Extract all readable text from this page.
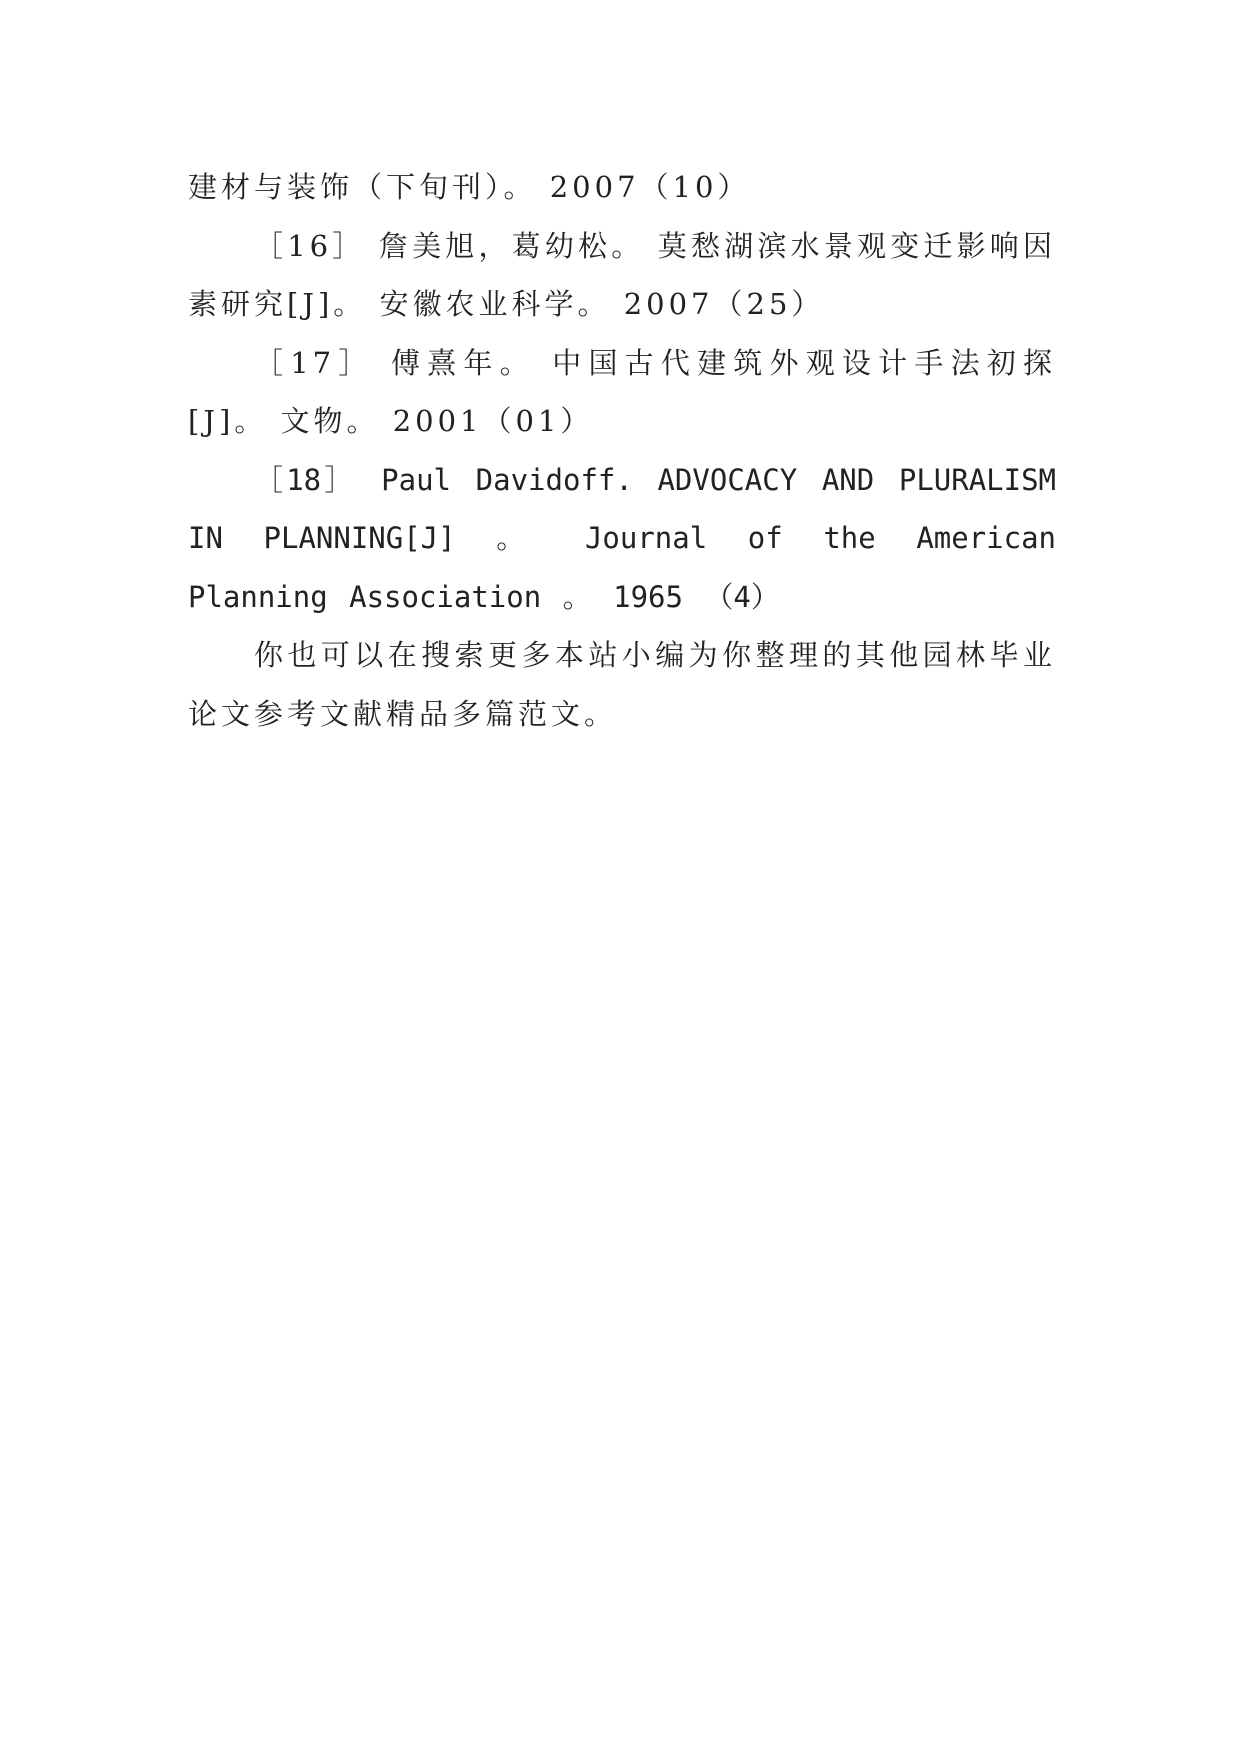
建材与装饰（下旬刊）。 2007（10）

［16］ 詹美旭，葛幼松。 莫愁湖滨水景观变迁影响因素研究[J]。 安徽农业科学。 2007（25）

［17］ 傅熹年。 中国古代建筑外观设计手法初探[J]。 文物。 2001（01）

［18］ Paul Davidoff. ADVOCACY AND PLURALISM IN PLANNING[J] 。 Journal of the American Planning Association 。 1965 （4）

你也可以在搜索更多本站小编为你整理的其他园林毕业论文参考文献精品多篇范文。
